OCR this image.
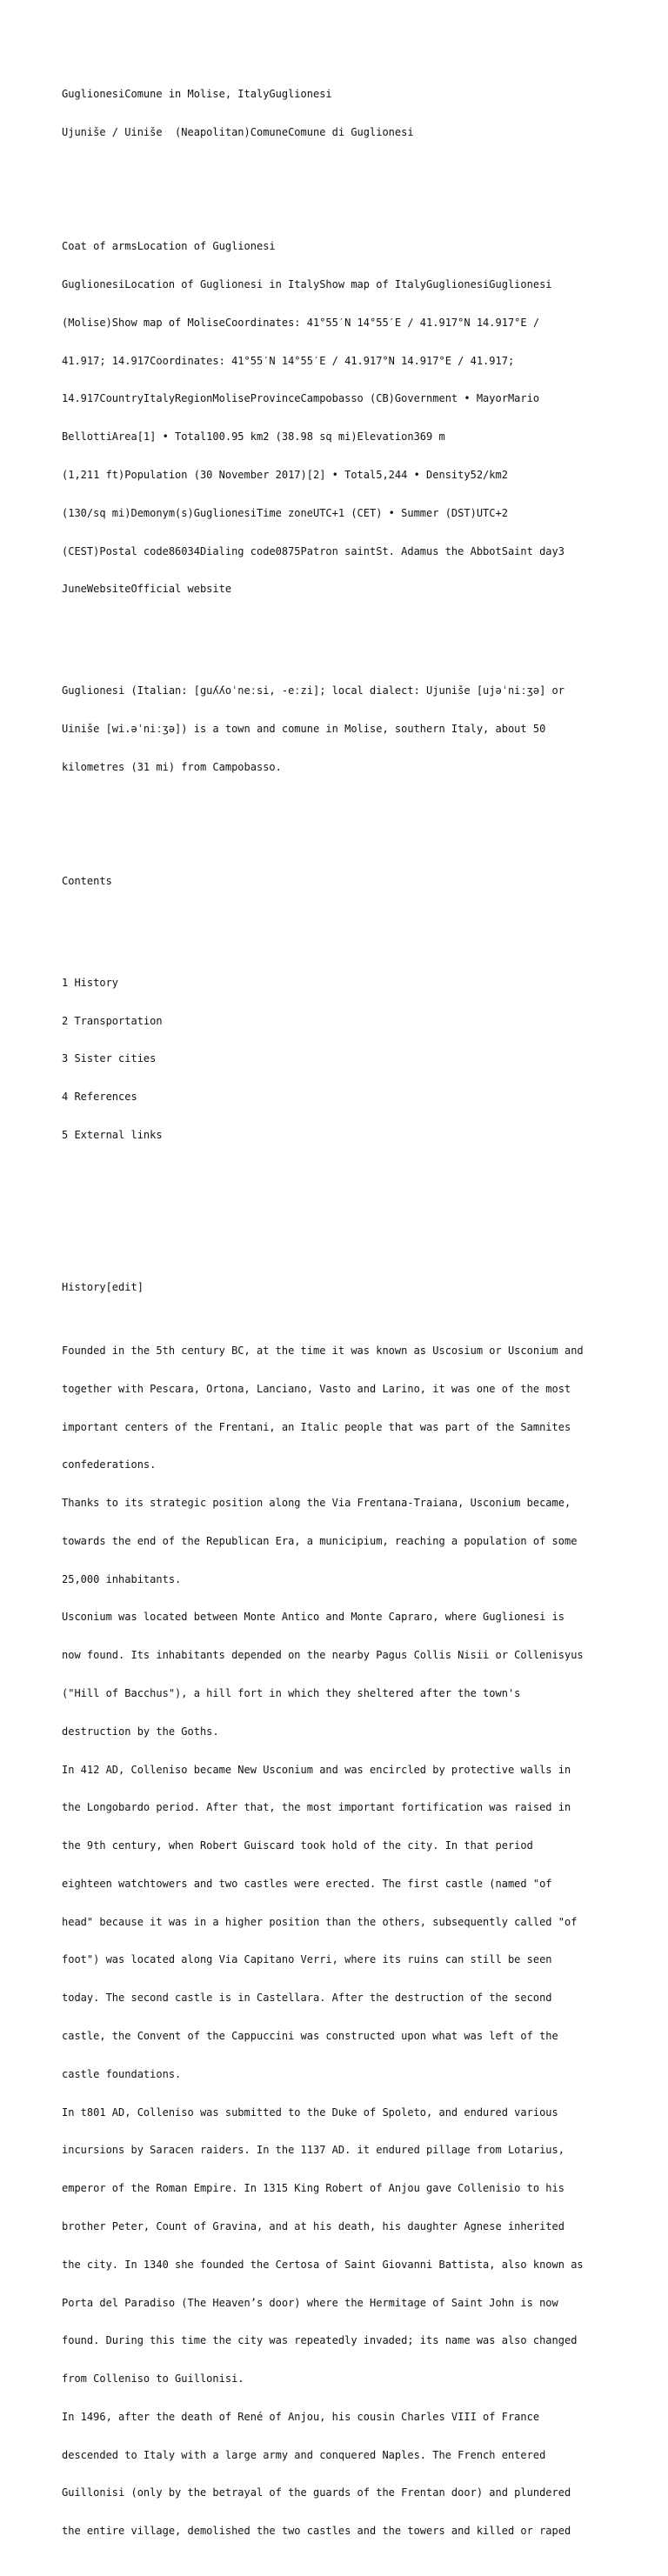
GuglionesiComune in Molise, ItalyGuglionesi

Ujuniše / Uiniše  (Neapolitan)ComuneComune di Guglionesi

Coat of armsLocation of Guglionesi

GuglionesiLocation of Guglionesi in ItalyShow map of ItalyGuglionesiGuglionesi

(Molise)Show map of MoliseCoordinates: 41°55′N 14°55′E / 41.917°N 14.917°E /

41.917; 14.917Coordinates: 41°55′N 14°55′E / 41.917°N 14.917°E / 41.917;

14.917CountryItalyRegionMoliseProvinceCampobasso (CB)Government • MayorMario

BellottiArea[1] • Total100.95 km2 (38.98 sq mi)Elevation369 m

(1,211 ft)Population (30 November 2017)[2] • Total5,244 • Density52/km2

(130/sq mi)Demonym(s)GuglionesiTime zoneUTC+1 (CET) • Summer (DST)UTC+2

(CEST)Postal code86034Dialing code0875Patron saintSt. Adamus the AbbotSaint day3

JuneWebsiteOfficial website

Guglionesi (Italian: [guʎʎoˈneːsi, -eːzi]; local dialect: Ujuniše [ujəˈniːʒə] or

Uiniše [wi.əˈniːʒə]) is a town and comune in Molise, southern Italy, about 50

kilometres (31 mi) from Campobasso.

Contents

1 History

2 Transportation

3 Sister cities

4 References

5 External links

History[edit]

Founded in the 5th century BC, at the time it was known as Uscosium or Usconium and

together with Pescara, Ortona, Lanciano, Vasto and Larino, it was one of the most

important centers of the Frentani, an Italic people that was part of the Samnites

confederations.

Thanks to its strategic position along the Via Frentana-Traiana, Usconium became,

towards the end of the Republican Era, a municipium, reaching a population of some

25,000 inhabitants.

Usconium was located between Monte Antico and Monte Capraro, where Guglionesi is

now found. Its inhabitants depended on the nearby Pagus Collis Nisii or Collenisyus

("Hill of Bacchus"), a hill fort in which they sheltered after the town's

destruction by the Goths.

In 412 AD, Colleniso became New Usconium and was encircled by protective walls in

the Longobardo period. After that, the most important fortification was raised in

the 9th century, when Robert Guiscard took hold of the city. In that period

eighteen watchtowers and two castles were erected. The first castle (named "of

head" because it was in a higher position than the others, subsequently called "of

foot") was located along Via Capitano Verri, where its ruins can still be seen

today. The second castle is in Castellara. After the destruction of the second

castle, the Convent of the Cappuccini was constructed upon what was left of the

castle foundations.

In t801 AD, Colleniso was submitted to the Duke of Spoleto, and endured various

incursions by Saracen raiders. In the 1137 AD. it endured pillage from Lotarius,

emperor of the Roman Empire. In 1315 King Robert of Anjou gave Collenisio to his

brother Peter, Count of Gravina, and at his death, his daughter Agnese inherited

the city. In 1340 she founded the Certosa of Saint Giovanni Battista, also known as

Porta del Paradiso (The Heaven’s door) where the Hermitage of Saint John is now

found. During this time the city was repeatedly invaded; its name was also changed

from Colleniso to Guillonisi.

In 1496, after the death of René of Anjou, his cousin Charles VIII of France

descended to Italy with a large army and conquered Naples. The French entered

Guillonisi (only by the betrayal of the guards of the Frentan door) and plundered

the entire village, demolished the two castles and the towers and killed or raped
